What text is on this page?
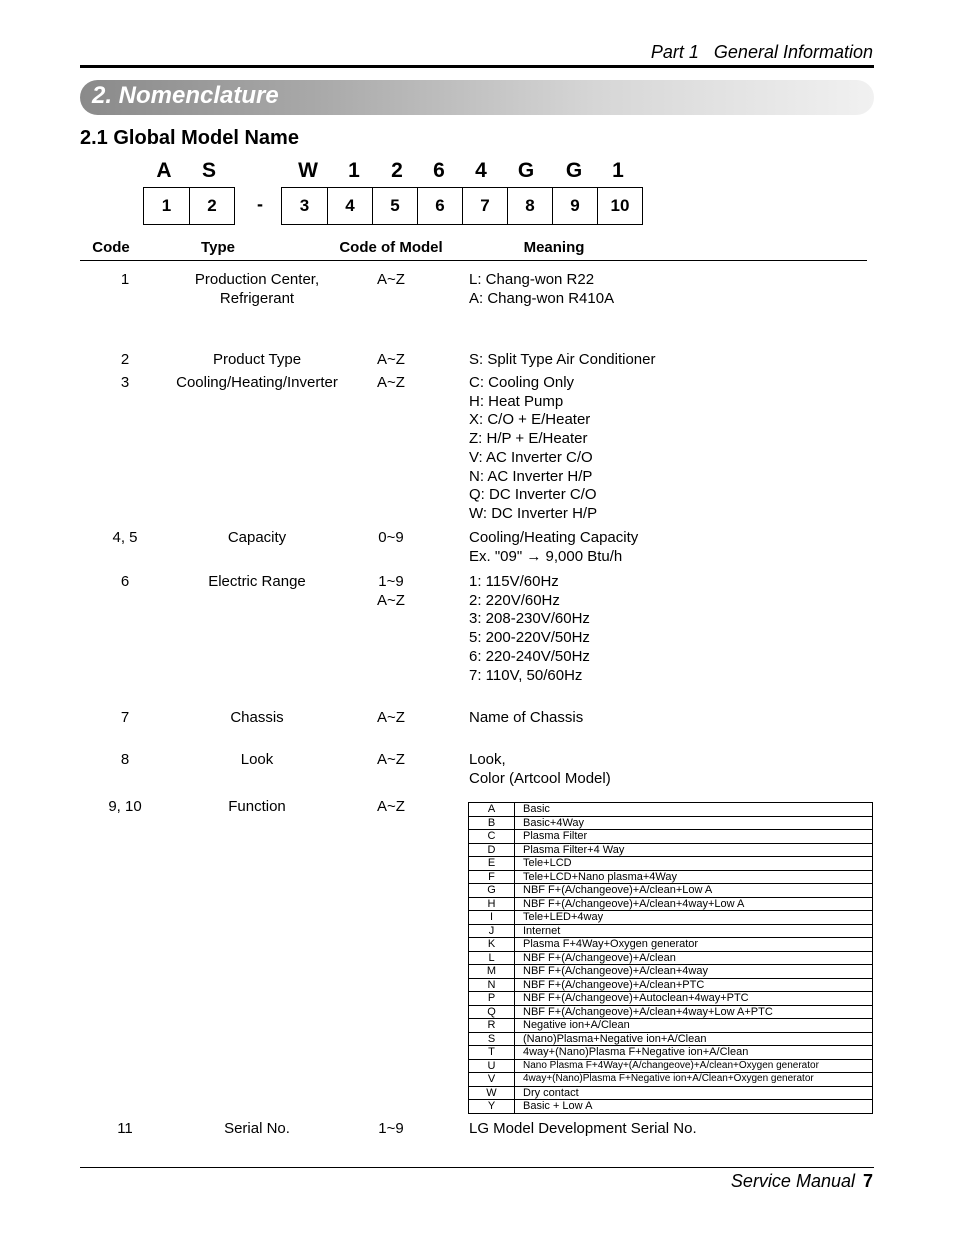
Part 1   General Information
2. Nomenclature
2.1 Global Model Name
A	S	W	1	2	6	4	G	G	1
1	2	-	3	4	5	6	7	8	9	10
Code	Type	Code of Model	Meaning
1	Production Center,
Refrigerant
A~Z	L: Chang-won R22
A: Chang-won R410A
2	Product Type	A~Z	S: Split Type Air Conditioner
3	Cooling/Heating/Inverter	A~Z	C: Cooling Only
H: Heat Pump
X: C/O + E/Heater
Z: H/P + E/Heater
V: AC Inverter C/O
N: AC Inverter H/P
Q: DC Inverter C/O
W: DC Inverter H/P
4, 5	Capacity	0~9	Cooling/Heating Capacity
Ex. "09" → 9,000 Btu/h
6	Electric Range	1~9
A~Z
1: 115V/60Hz
2: 220V/60Hz
3: 208-230V/60Hz
5: 200-220V/50Hz
6: 220-240V/50Hz
7: 110V, 50/60Hz
7	Chassis	A~Z	Name of Chassis
8	Look	A~Z	Look,
Color (Artcool Model)
9, 10	Function	A~Z	A	Basic
B	Basic+4Way
C	Plasma Filter
D	Plasma Filter+4 Way
E	Tele+LCD
F	Tele+LCD+Nano plasma+4Way
G	NBF F+(A/changeove)+A/clean+Low A
H	NBF F+(A/changeove)+A/clean+4way+Low A
I	Tele+LED+4way
J	Internet
K	Plasma F+4Way+Oxygen generator
L	NBF F+(A/changeove)+A/clean
M	NBF F+(A/changeove)+A/clean+4way
N	NBF F+(A/changeove)+A/clean+PTC
P	NBF F+(A/changeove)+Autoclean+4way+PTC
Q	NBF F+(A/changeove)+A/clean+4way+Low A+PTC
R	Negative ion+A/Clean
S	(Nano)Plasma+Negative ion+A/Clean
T	4way+(Nano)Plasma F+Negative ion+A/Clean
U	Nano Plasma F+4Way+(A/changeove)+A/clean+Oxygen generator
V	4way+(Nano)Plasma F+Negative ion+A/Clean+Oxygen generator
W	Dry contact
Y	Basic + Low A
11	Serial No.	1~9	LG Model Development Serial No.
Service Manual 7
